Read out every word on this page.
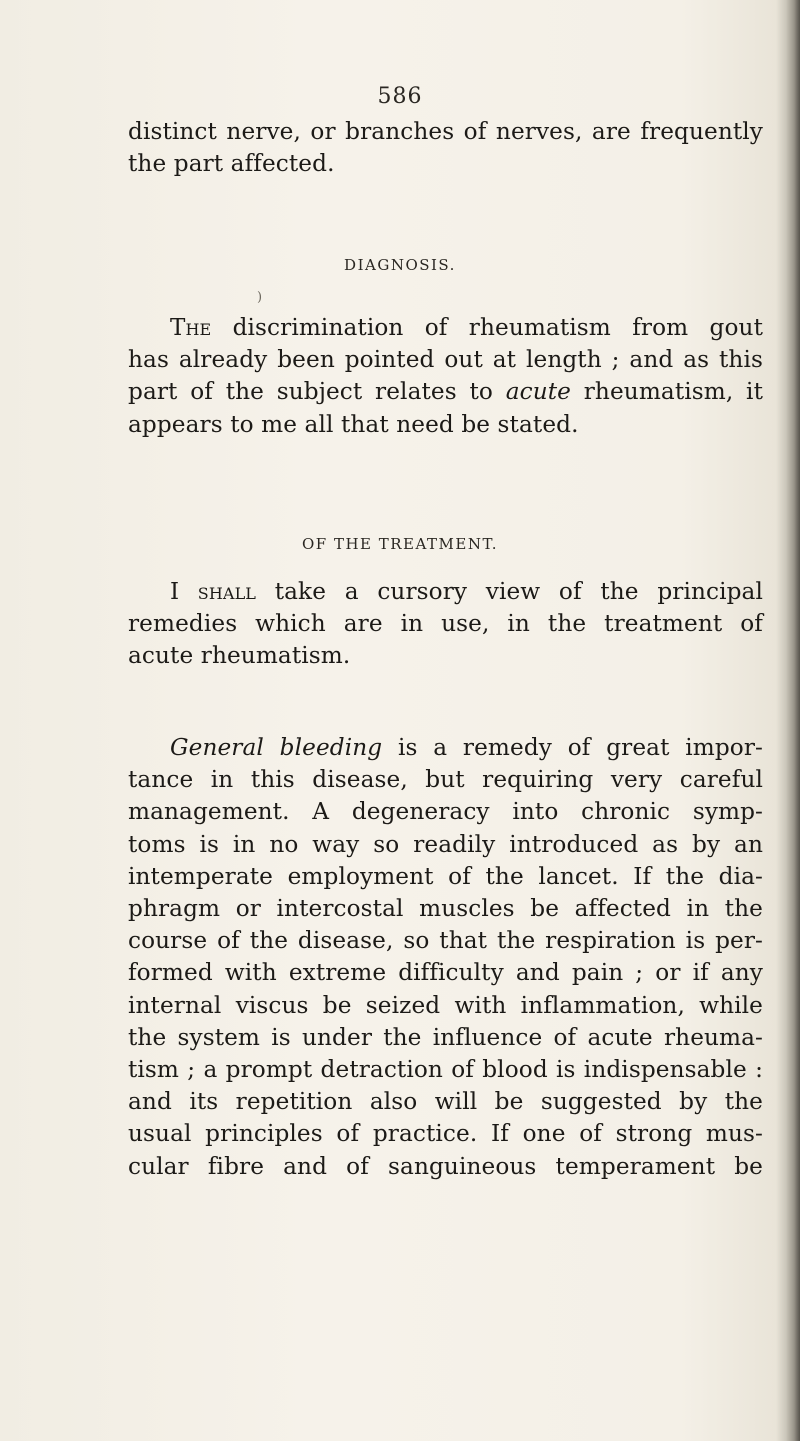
586
distinct nerve, or branches of nerves, are frequently
the part affected.
DIAGNOSIS.
)
The discrimination of rheumatism from gout
has already been pointed out at length ; and as this
part of the subject relates to acute rheumatism, it
appears to me all that need be stated.
OF THE TREATMENT.
I shall take a cursory view of the principal
remedies which are in use, in the treatment of
acute rheumatism.
General bleeding is a remedy of great impor-
tance in this disease, but requiring very careful
management. A degeneracy into chronic symp-
toms is in no way so readily introduced as by an
intemperate employment of the lancet. If the dia-
phragm or intercostal muscles be affected in the
course of the disease, so that the respiration is per-
formed with extreme difficulty and pain ; or if any
internal viscus be seized with inflammation, while
the system is under the influence of acute rheuma-
tism ; a prompt detraction of blood is indispensable :
and its repetition also will be suggested by the
usual principles of practice. If one of strong mus-
cular fibre and of sanguineous temperament be
